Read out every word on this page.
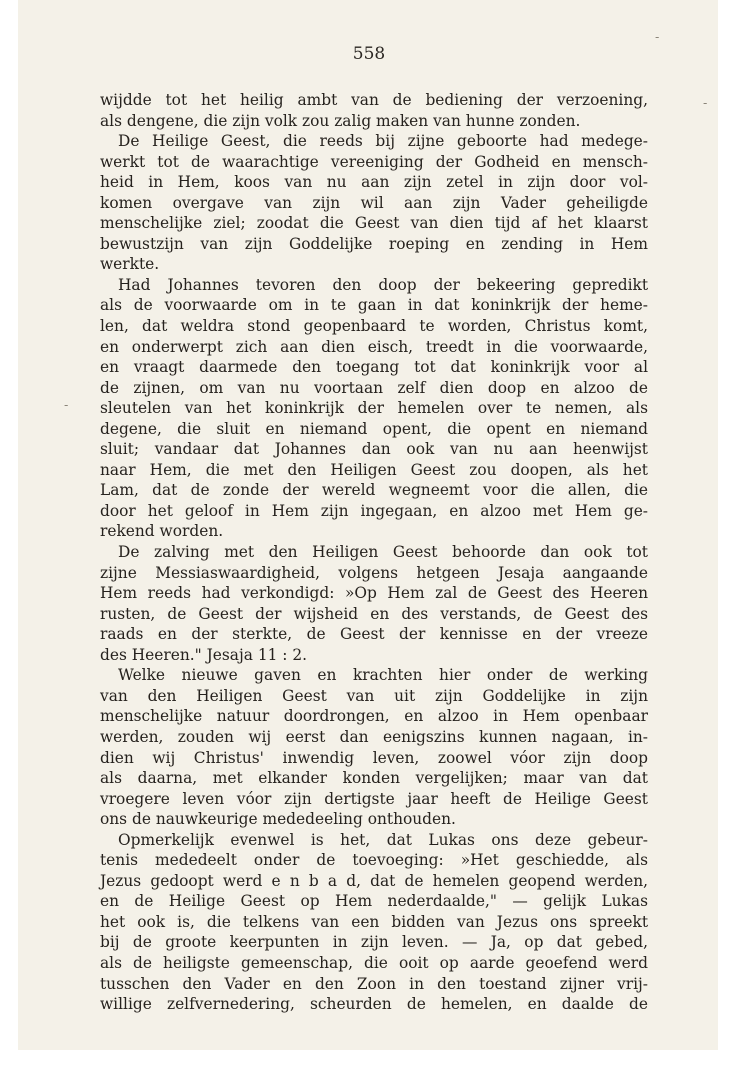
558
wijdde tot het heilig ambt van de bediening der verzoening,
als dengene, die zijn volk zou zalig maken van hunne zonden.
De Heilige Geest, die reeds bij zijne geboorte had medege-
werkt tot de waarachtige vereeniging der Godheid en mensch-
heid in Hem, koos van nu aan zijn zetel in zijn door vol-
komen overgave van zijn wil aan zijn Vader geheiligde
menschelijke ziel; zoodat die Geest van dien tijd af het klaarst
bewustzijn van zijn Goddelijke roeping en zending in Hem
werkte.
Had Johannes tevoren den doop der bekeering gepredikt
als de voorwaarde om in te gaan in dat koninkrijk der heme-
len, dat weldra stond geopenbaard te worden, Christus komt,
en onderwerpt zich aan dien eisch, treedt in die voorwaarde,
en vraagt daarmede den toegang tot dat koninkrijk voor al
de zijnen, om van nu voortaan zelf dien doop en alzoo de
sleutelen van het koninkrijk der hemelen over te nemen, als
degene, die sluit en niemand opent, die opent en niemand
sluit; vandaar dat Johannes dan ook van nu aan heenwijst
naar Hem, die met den Heiligen Geest zou doopen, als het
Lam, dat de zonde der wereld wegneemt voor die allen, die
door het geloof in Hem zijn ingegaan, en alzoo met Hem ge-
rekend worden.
De zalving met den Heiligen Geest behoorde dan ook tot
zijne Messiaswaardigheid, volgens hetgeen Jesaja aangaande
Hem reeds had verkondigd: »Op Hem zal de Geest des Heeren
rusten, de Geest der wijsheid en des verstands, de Geest des
raads en der sterkte, de Geest der kennisse en der vreeze
des Heeren." Jesaja 11 : 2.
Welke nieuwe gaven en krachten hier onder de werking
van den Heiligen Geest van uit zijn Goddelijke in zijn
menschelijke natuur doordrongen, en alzoo in Hem openbaar
werden, zouden wij eerst dan eenigszins kunnen nagaan, in-
dien wij Christus' inwendig leven, zoowel vóor zijn doop
als daarna, met elkander konden vergelijken; maar van dat
vroegere leven vóor zijn dertigste jaar heeft de Heilige Geest
ons de nauwkeurige mededeeling onthouden.
Opmerkelijk evenwel is het, dat Lukas ons deze gebeur-
tenis mededeelt onder de toevoeging: »Het geschiedde, als
Jezus gedoopt werd e n b a d, dat de hemelen geopend werden,
en de Heilige Geest op Hem nederdaalde," — gelijk Lukas
het ook is, die telkens van een bidden van Jezus ons spreekt
bij de groote keerpunten in zijn leven. — Ja, op dat gebed,
als de heiligste gemeenschap, die ooit op aarde geoefend werd
tusschen den Vader en den Zoon in den toestand zijner vrij-
willige zelfvernedering, scheurden de hemelen, en daalde de
-
-
‑
